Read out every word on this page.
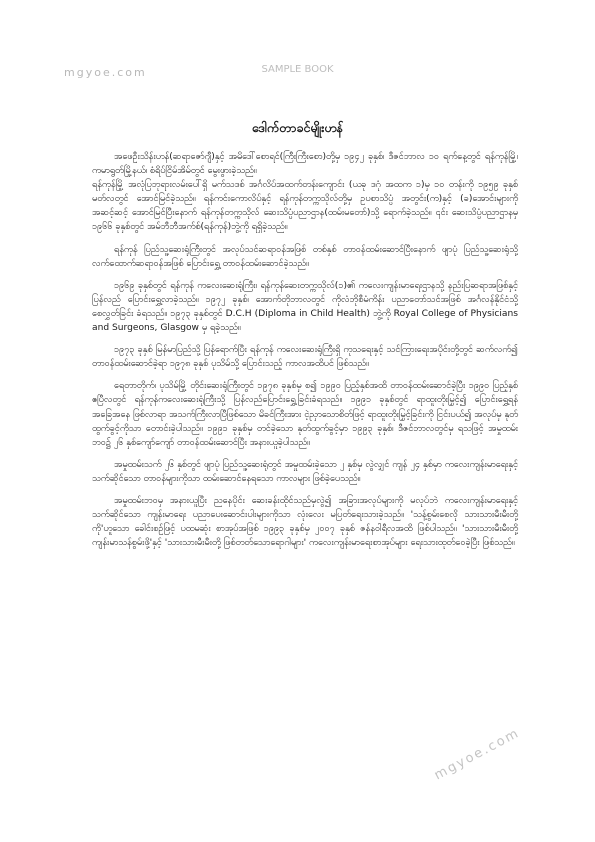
mgyoe.com	SAMPLE BOOK
ဒေါက်တာခင်မျိုးဟန်

အဖေဦးသိန်းဟန်(ဆရာဇော်ဂျီ)နှင့် အမိဒေါ်စောရင်(ကြီးကြီးစော)တို့မှ ၁၉၄၂ ခုနှစ်၊ ဒီဇင်ဘာလ ၁၀ ရက်နေ့တွင် ရန်ကုန်မြို့၊ ကမာရွတ်မြို့နယ်၊ စံရိပ်ငြိမ်အိမ်တွင် မွေးဖွားခဲ့သည်။

ရန်ကုန်မြို့ အလုံပြဘုရားလမ်းပေါ်ရှိ မက်သဒစ် အင်္ဂလိပ်အထက်တန်းကျောင်း (ယခု ဒဂုံ အထက ၁)မှ ၁၀ တန်းကို ၁၉၅၉ ခုနှစ် မတ်လတွင် အောင်မြင်ခဲ့သည်။ ရန်ကင်းကောလိပ်နှင့် ရန်ကုန်တက္ကသိုလ်တို့မှ ဥပစာသိပ္ပံ အတွင်း(က)နှင့် (ခ)အောင်းများကို အဆင့်ဆင့် အောင်မြင်ပြီးနောက် ရန်ကုန်တက္ကသိုလ် ဆေးသိပ္ပံပညာဌာန(ထမ်းမတော်)သို့ ရောက်ခဲ့သည်။ ၎င်း ဆေးသိပ္ပံပညာဌာနမှ ၁၉၆၆ ခုနှစ်တွင် အမ်ဘီဘီအက်စ်(ရန်ကုန်)ဘွဲ့ကို ရရှိခဲ့သည်။

ရန်ကုန် ပြည်သူ့ဆေးရုံကြီးတွင် အလုပ်သင်ဆရာဝန်အဖြစ် တစ်နှစ် တာဝန်ထမ်းဆောင်ပြီးနောက် ဖျာပုံ ပြည်သူ့ဆေးရုံသို့ လက်ထောက်ဆရာဝန်အဖြစ် ပြောင်းရွှေ့ တာဝန်ထမ်းဆောင်ခဲ့သည်။

၁၉၆၉ ခုနှစ်တွင် ရန်ကုန် ကလေးဆေးရုံကြီး၊ ရန်ကုန်ဆေးတက္ကသိုလ်(၁)၏ ကလေးကျန်းမာရေးဌာနသို့ နည်းပြဆရာအဖြစ်နှင့် ပြန်လည် ပြောင်းရွှေ့လာခဲ့သည်။ ၁၉၇၂ ခုနှစ်၊ အောက်တိုဘာလတွင် ကိုလံဘိုစီမံကိန်း ပညာတော်သင်အဖြစ် အင်္ဂလန်နိုင်ငံသို့ စေလွှတ်ခြင်း ခံရသည်။ ၁၉၇၃ ခုနှစ်တွင် D.C.H (Diploma in Child Health) ဘွဲ့ကို Royal College of Physicians and Surgeons, Glasgow မှ ရခဲ့သည်။

၁၉၇၃ ခုနှစ် မြန်မာပြည်သို့ ပြန်ရောက်ပြီး ရန်ကုန် ကလေးဆေးရုံကြီးရှိ ကုသရေးနှင့် သင်ကြားရေးအပိုင်းတို့တွင် ဆက်လက်၍ တာဝန်ထမ်းဆောင်ခဲ့ရာ ၁၉၇၈ ခုနှစ် ပုသိမ်သို့ ပြောင်းသည့် ကာလအထိပင် ဖြစ်သည်။

ရေတာတိုက်၊ ပုသိမ်မြို့ တိုင်းဆေးရုံကြီးတွင် ၁၉၇၈ ခုနှစ်မှ စ၍ ၁၉၉၀ ပြည့်နှစ်အထိ တာဝန်ထမ်းဆောင်ခဲ့ပြီး ၁၉၉၀ ပြည့်နှစ် ဧပြီလတွင် ရန်ကုန်ကလေးဆေးရုံကြီးသို့ ပြန်လည်ပြောင်းရွှေ့ခြင်းခံရသည်။ ၁၉၉၁ ခုနှစ်တွင် ရာထူးတိုးမြှင့်၍ ပြောင်းရွှေ့ရန် အခြေအနေ ဖြစ်လာရာ အသက်ကြီးလာပြီဖြစ်သော မိခင်ကြီးအား ငဲ့ညှာသောစိတ်ဖြင့် ရာထူးတိုးမြှင့်ခြင်းကို ငြင်းပယ်၍ အလုပ်မှ နုတ်ထွက်ခွင့်ကိုသာ တောင်းခဲ့ပါသည်။ ၁၉၉၁ ခုနှစ်မှ တင်ခဲ့သော နုတ်ထွက်ခွင့်မှာ ၁၉၉၃ ခုနှစ်၊ ဒီဇင်ဘာလတွင်မှ ရသဖြင့် အမှုထမ်းဘဝ၌ ၂၆ နှစ်ကျော်ကျော် တာဝန်ထမ်းဆောင်ပြီး အနားယူခဲ့ပါသည်။

အမှုထမ်းသက် ၂၆ နှစ်တွင် ဖျာပုံ ပြည်သူ့ဆေးရုံတွင် အမှုထမ်းခဲ့သော ၂ နှစ်မှ လွဲလျှင် ကျန် ၂၄ နှစ်မှာ ကလေးကျန်းမာရေးနှင့် သက်ဆိုင်သော တာဝန်များကိုသာ ထမ်းဆောင်နေရသော ကာလများ ဖြစ်ခဲ့ပေသည်။

အမှုထမ်းဘဝမှ အနားယူပြီး ညနေပိုင်း ဆေးခန်းထိုင်သည်မှလွဲ၍ အခြားအလုပ်များကို မလုပ်ဘဲ ကလေးကျန်းမာရေးနှင့် သက်ဆိုင်သော ကျန်းမာရေး ပညာပေးဆောင်းပါးများကိုသာ လုံးလေး မပြတ်ရေးသားခဲ့သည်။ 'သန့်စွမ်းစေလို သားသားမီးမီးတို့ကို'ဟူသော ခေါင်းစဉ်ဖြင့် ပထမဆုံး စာအုပ်အဖြစ် ၁၉၉၃ ခုနှစ်မှ ၂၀၀၇ ခုနှစ် ဇန်နဝါရီလအထိ ဖြစ်ပါသည်။ 'သားသားမီးမီးတို့ ကျန်းမာသန်စွမ်းဖို့'နှင့် 'သားသားမီးမီးတို့ ဖြစ်တတ်သောရောဂါများ' ကလေးကျန်းမာရေးစာအုပ်များ ရေးသားထုတ်ဝေခဲ့ပြီး ဖြစ်သည်။

mgyoe.com
